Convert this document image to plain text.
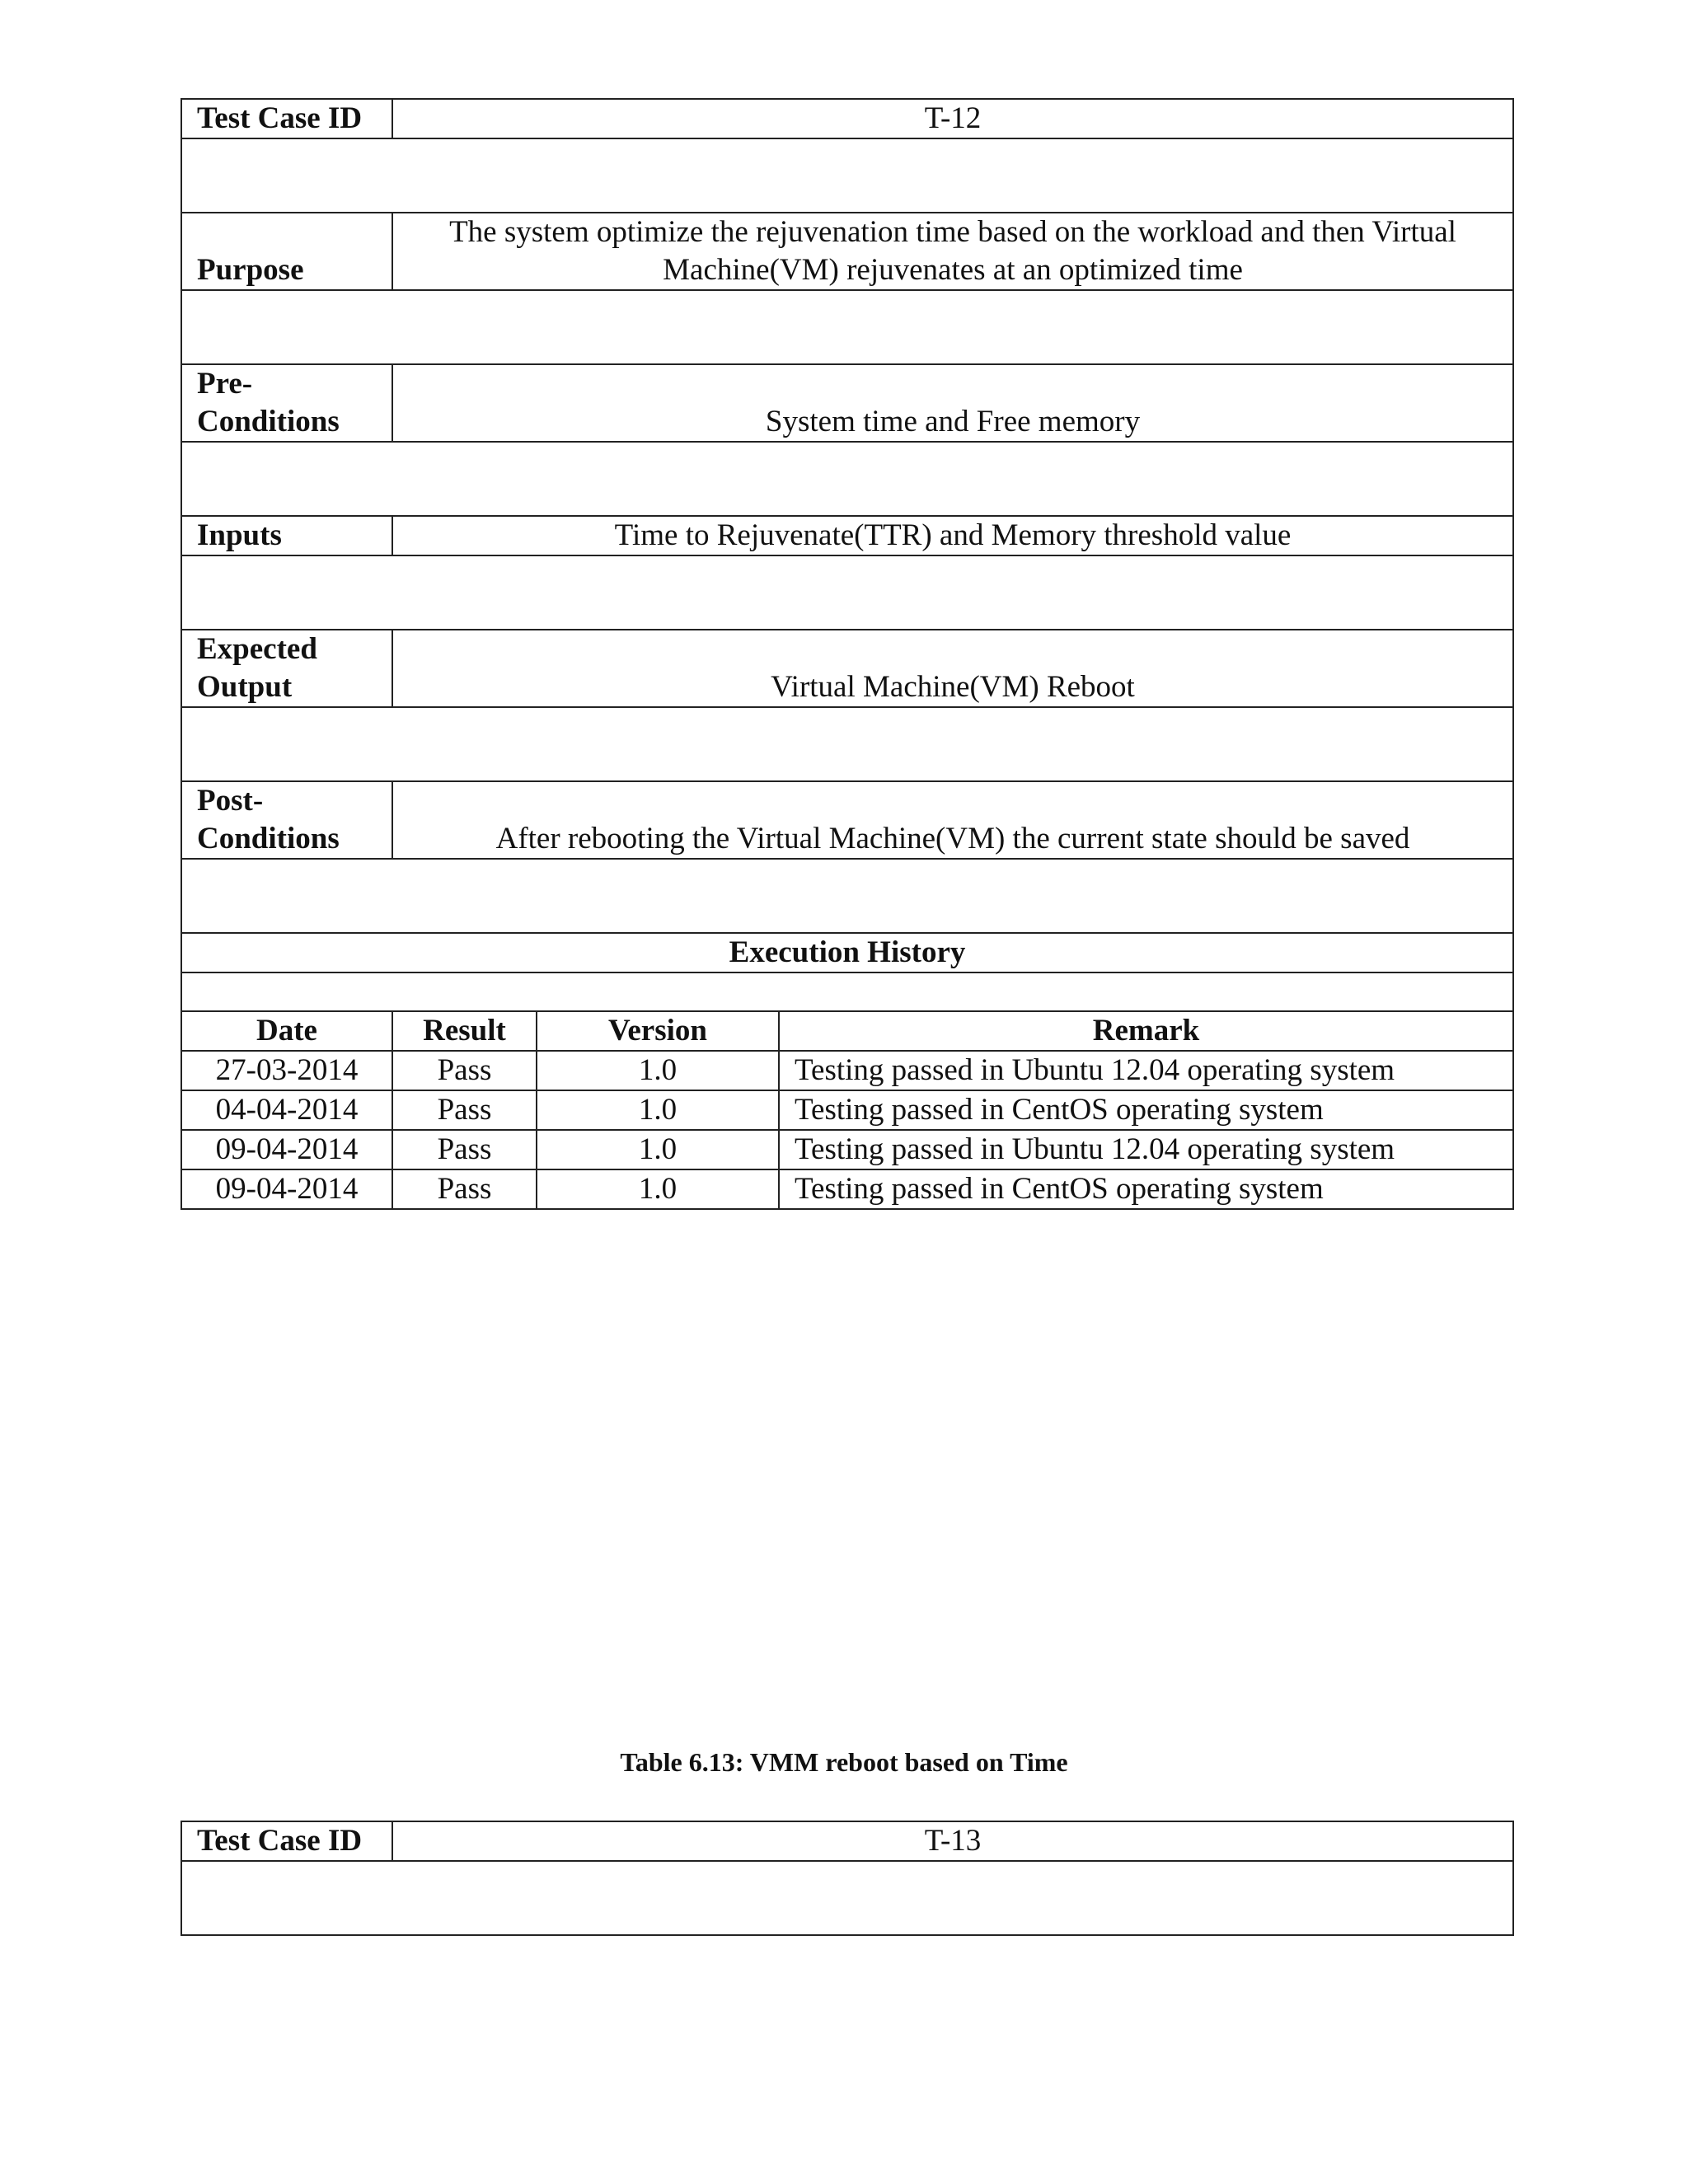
Test Case ID	T-12		

Purpose	The system optimize the rejuvenation time based on the workload and then Virtual Machine(VM) rejuvenates at an optimized time		

Pre- Conditions	System time and Free memory		

Inputs	Time to Rejuvenate(TTR) and Memory threshold value		

Expected Output	Virtual Machine(VM) Reboot		

Post- Conditions	After rebooting the Virtual Machine(VM) the current state should be saved		

Execution History			

Date	Result	Version	Remark
27-03-2014	Pass	1.0	Testing passed in Ubuntu 12.04 operating system
04-04-2014	Pass	1.0	Testing passed in CentOS operating system
09-04-2014	Pass	1.0	Testing passed in Ubuntu 12.04 operating system
09-04-2014	Pass	1.0	Testing passed in CentOS operating system
Table 6.13: VMM reboot based on Time
Test Case ID	T-13
